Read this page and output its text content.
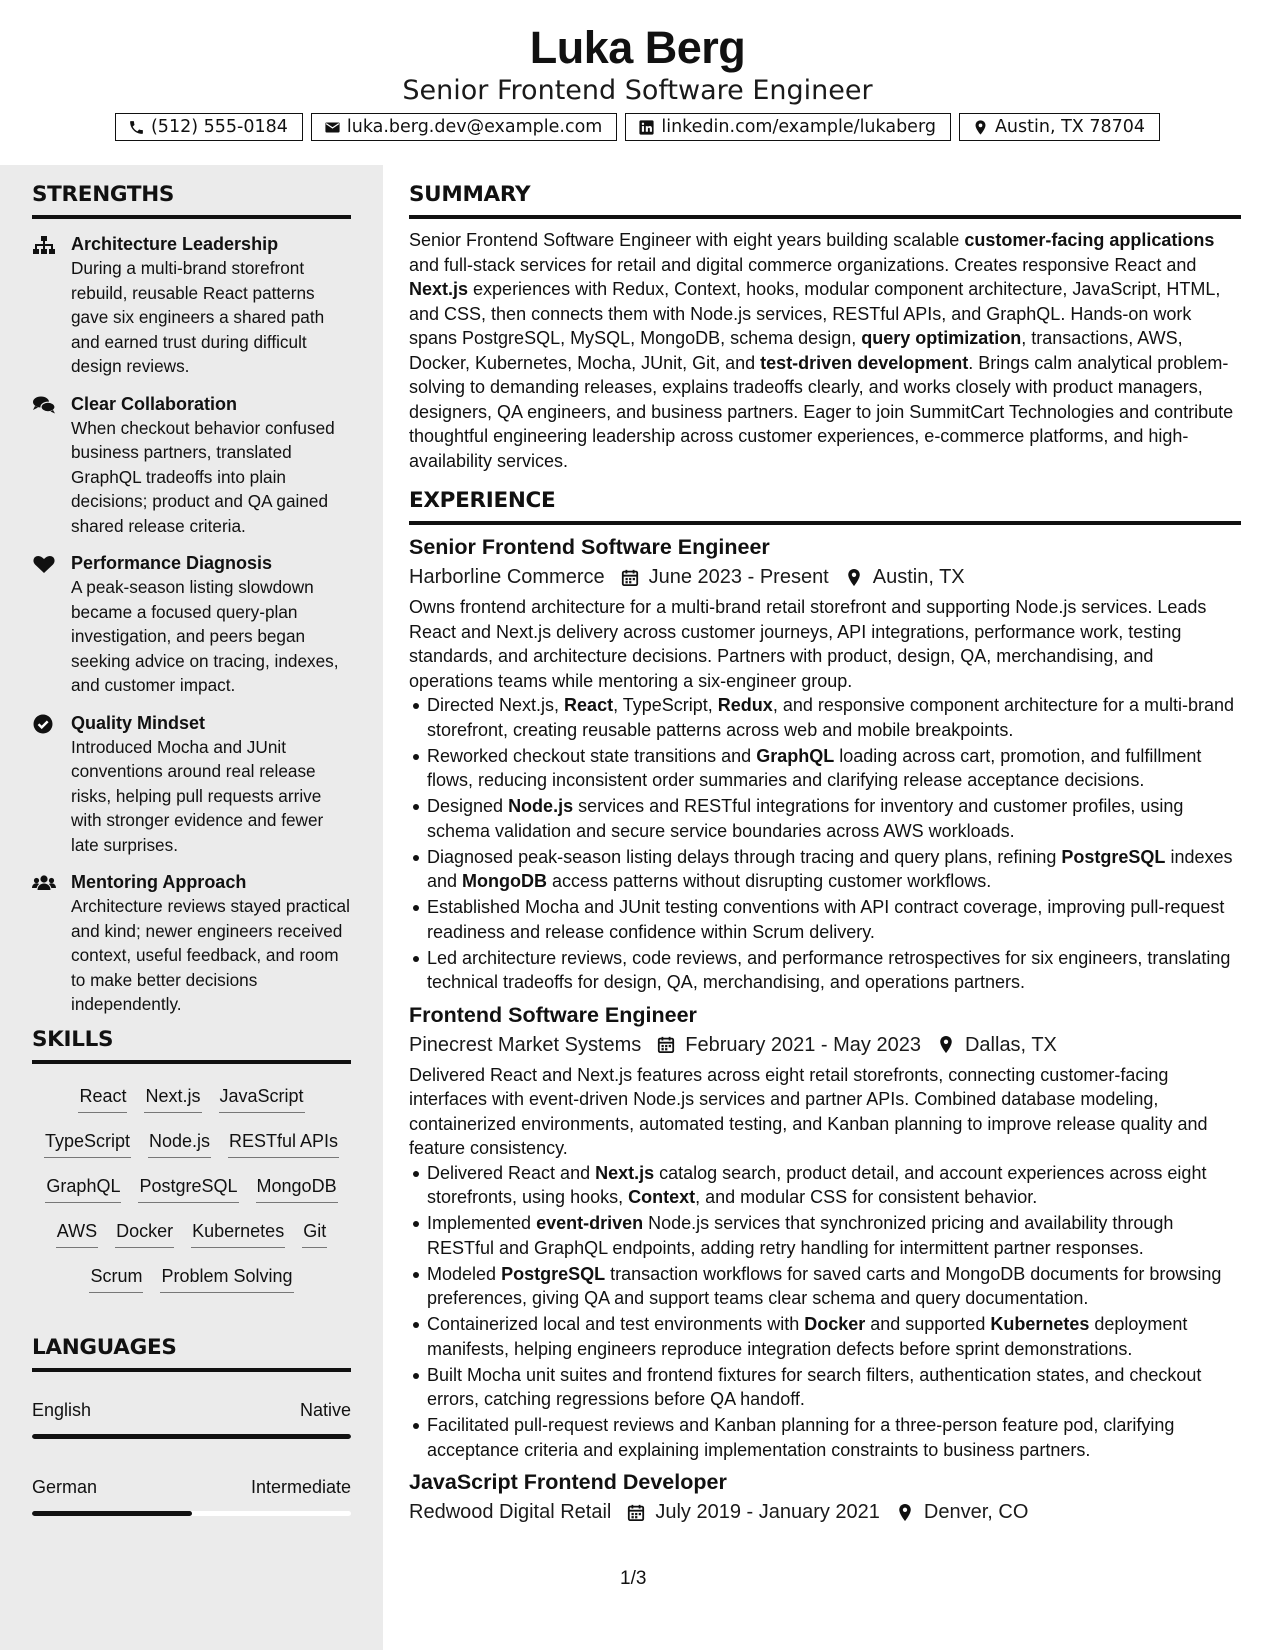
Luka Berg
Senior Frontend Software Engineer
(512) 555-0184	luka.berg.dev@example.com	linkedin.com/example/lukaberg	Austin, TX 78704
STRENGTHS
Architecture Leadership
During a multi-brand storefront rebuild, reusable React patterns gave six engineers a shared path and earned trust during difficult design reviews.
Clear Collaboration
When checkout behavior confused business partners, translated GraphQL tradeoffs into plain decisions; product and QA gained shared release criteria.
Performance Diagnosis
A peak-season listing slowdown became a focused query-plan investigation, and peers began seeking advice on tracing, indexes, and customer impact.
Quality Mindset
Introduced Mocha and JUnit conventions around real release risks, helping pull requests arrive with stronger evidence and fewer late surprises.
Mentoring Approach
Architecture reviews stayed practical and kind; newer engineers received context, useful feedback, and room to make better decisions independently.
SKILLS
React Next.js JavaScript
TypeScript Node.js RESTful APIs
GraphQL PostgreSQL MongoDB
AWS Docker Kubernetes Git
Scrum Problem Solving
LANGUAGES
English	Native
German	Intermediate
SUMMARY
Senior Frontend Software Engineer with eight years building scalable customer-facing applications and full-stack services for retail and digital commerce organizations. Creates responsive React and Next.js experiences with Redux, Context, hooks, modular component architecture, JavaScript, HTML, and CSS, then connects them with Node.js services, RESTful APIs, and GraphQL. Hands-on work spans PostgreSQL, MySQL, MongoDB, schema design, query optimization, transactions, AWS, Docker, Kubernetes, Mocha, JUnit, Git, and test-driven development. Brings calm analytical problem-solving to demanding releases, explains tradeoffs clearly, and works closely with product managers, designers, QA engineers, and business partners. Eager to join SummitCart Technologies and contribute thoughtful engineering leadership across customer experiences, e-commerce platforms, and high-availability services.
EXPERIENCE
Senior Frontend Software Engineer
Harborline Commerce June 2023 - Present Austin, TX
Owns frontend architecture for a multi-brand retail storefront and supporting Node.js services. Leads React and Next.js delivery across customer journeys, API integrations, performance work, testing standards, and architecture decisions. Partners with product, design, QA, merchandising, and operations teams while mentoring a six-engineer group.
Directed Next.js, React, TypeScript, Redux, and responsive component architecture for a multi-brand storefront, creating reusable patterns across web and mobile breakpoints.
Reworked checkout state transitions and GraphQL loading across cart, promotion, and fulfillment flows, reducing inconsistent order summaries and clarifying release acceptance decisions.
Designed Node.js services and RESTful integrations for inventory and customer profiles, using schema validation and secure service boundaries across AWS workloads.
Diagnosed peak-season listing delays through tracing and query plans, refining PostgreSQL indexes and MongoDB access patterns without disrupting customer workflows.
Established Mocha and JUnit testing conventions with API contract coverage, improving pull-request readiness and release confidence within Scrum delivery.
Led architecture reviews, code reviews, and performance retrospectives for six engineers, translating technical tradeoffs for design, QA, merchandising, and operations partners.
Frontend Software Engineer
Pinecrest Market Systems February 2021 - May 2023 Dallas, TX
Delivered React and Next.js features across eight retail storefronts, connecting customer-facing interfaces with event-driven Node.js services and partner APIs. Combined database modeling, containerized environments, automated testing, and Kanban planning to improve release quality and feature consistency.
Delivered React and Next.js catalog search, product detail, and account experiences across eight storefronts, using hooks, Context, and modular CSS for consistent behavior.
Implemented event-driven Node.js services that synchronized pricing and availability through RESTful and GraphQL endpoints, adding retry handling for intermittent partner responses.
Modeled PostgreSQL transaction workflows for saved carts and MongoDB documents for browsing preferences, giving QA and support teams clear schema and query documentation.
Containerized local and test environments with Docker and supported Kubernetes deployment manifests, helping engineers reproduce integration defects before sprint demonstrations.
Built Mocha unit suites and frontend fixtures for search filters, authentication states, and checkout errors, catching regressions before QA handoff.
Facilitated pull-request reviews and Kanban planning for a three-person feature pod, clarifying acceptance criteria and explaining implementation constraints to business partners.
JavaScript Frontend Developer
Redwood Digital Retail July 2019 - January 2021 Denver, CO
1/3
